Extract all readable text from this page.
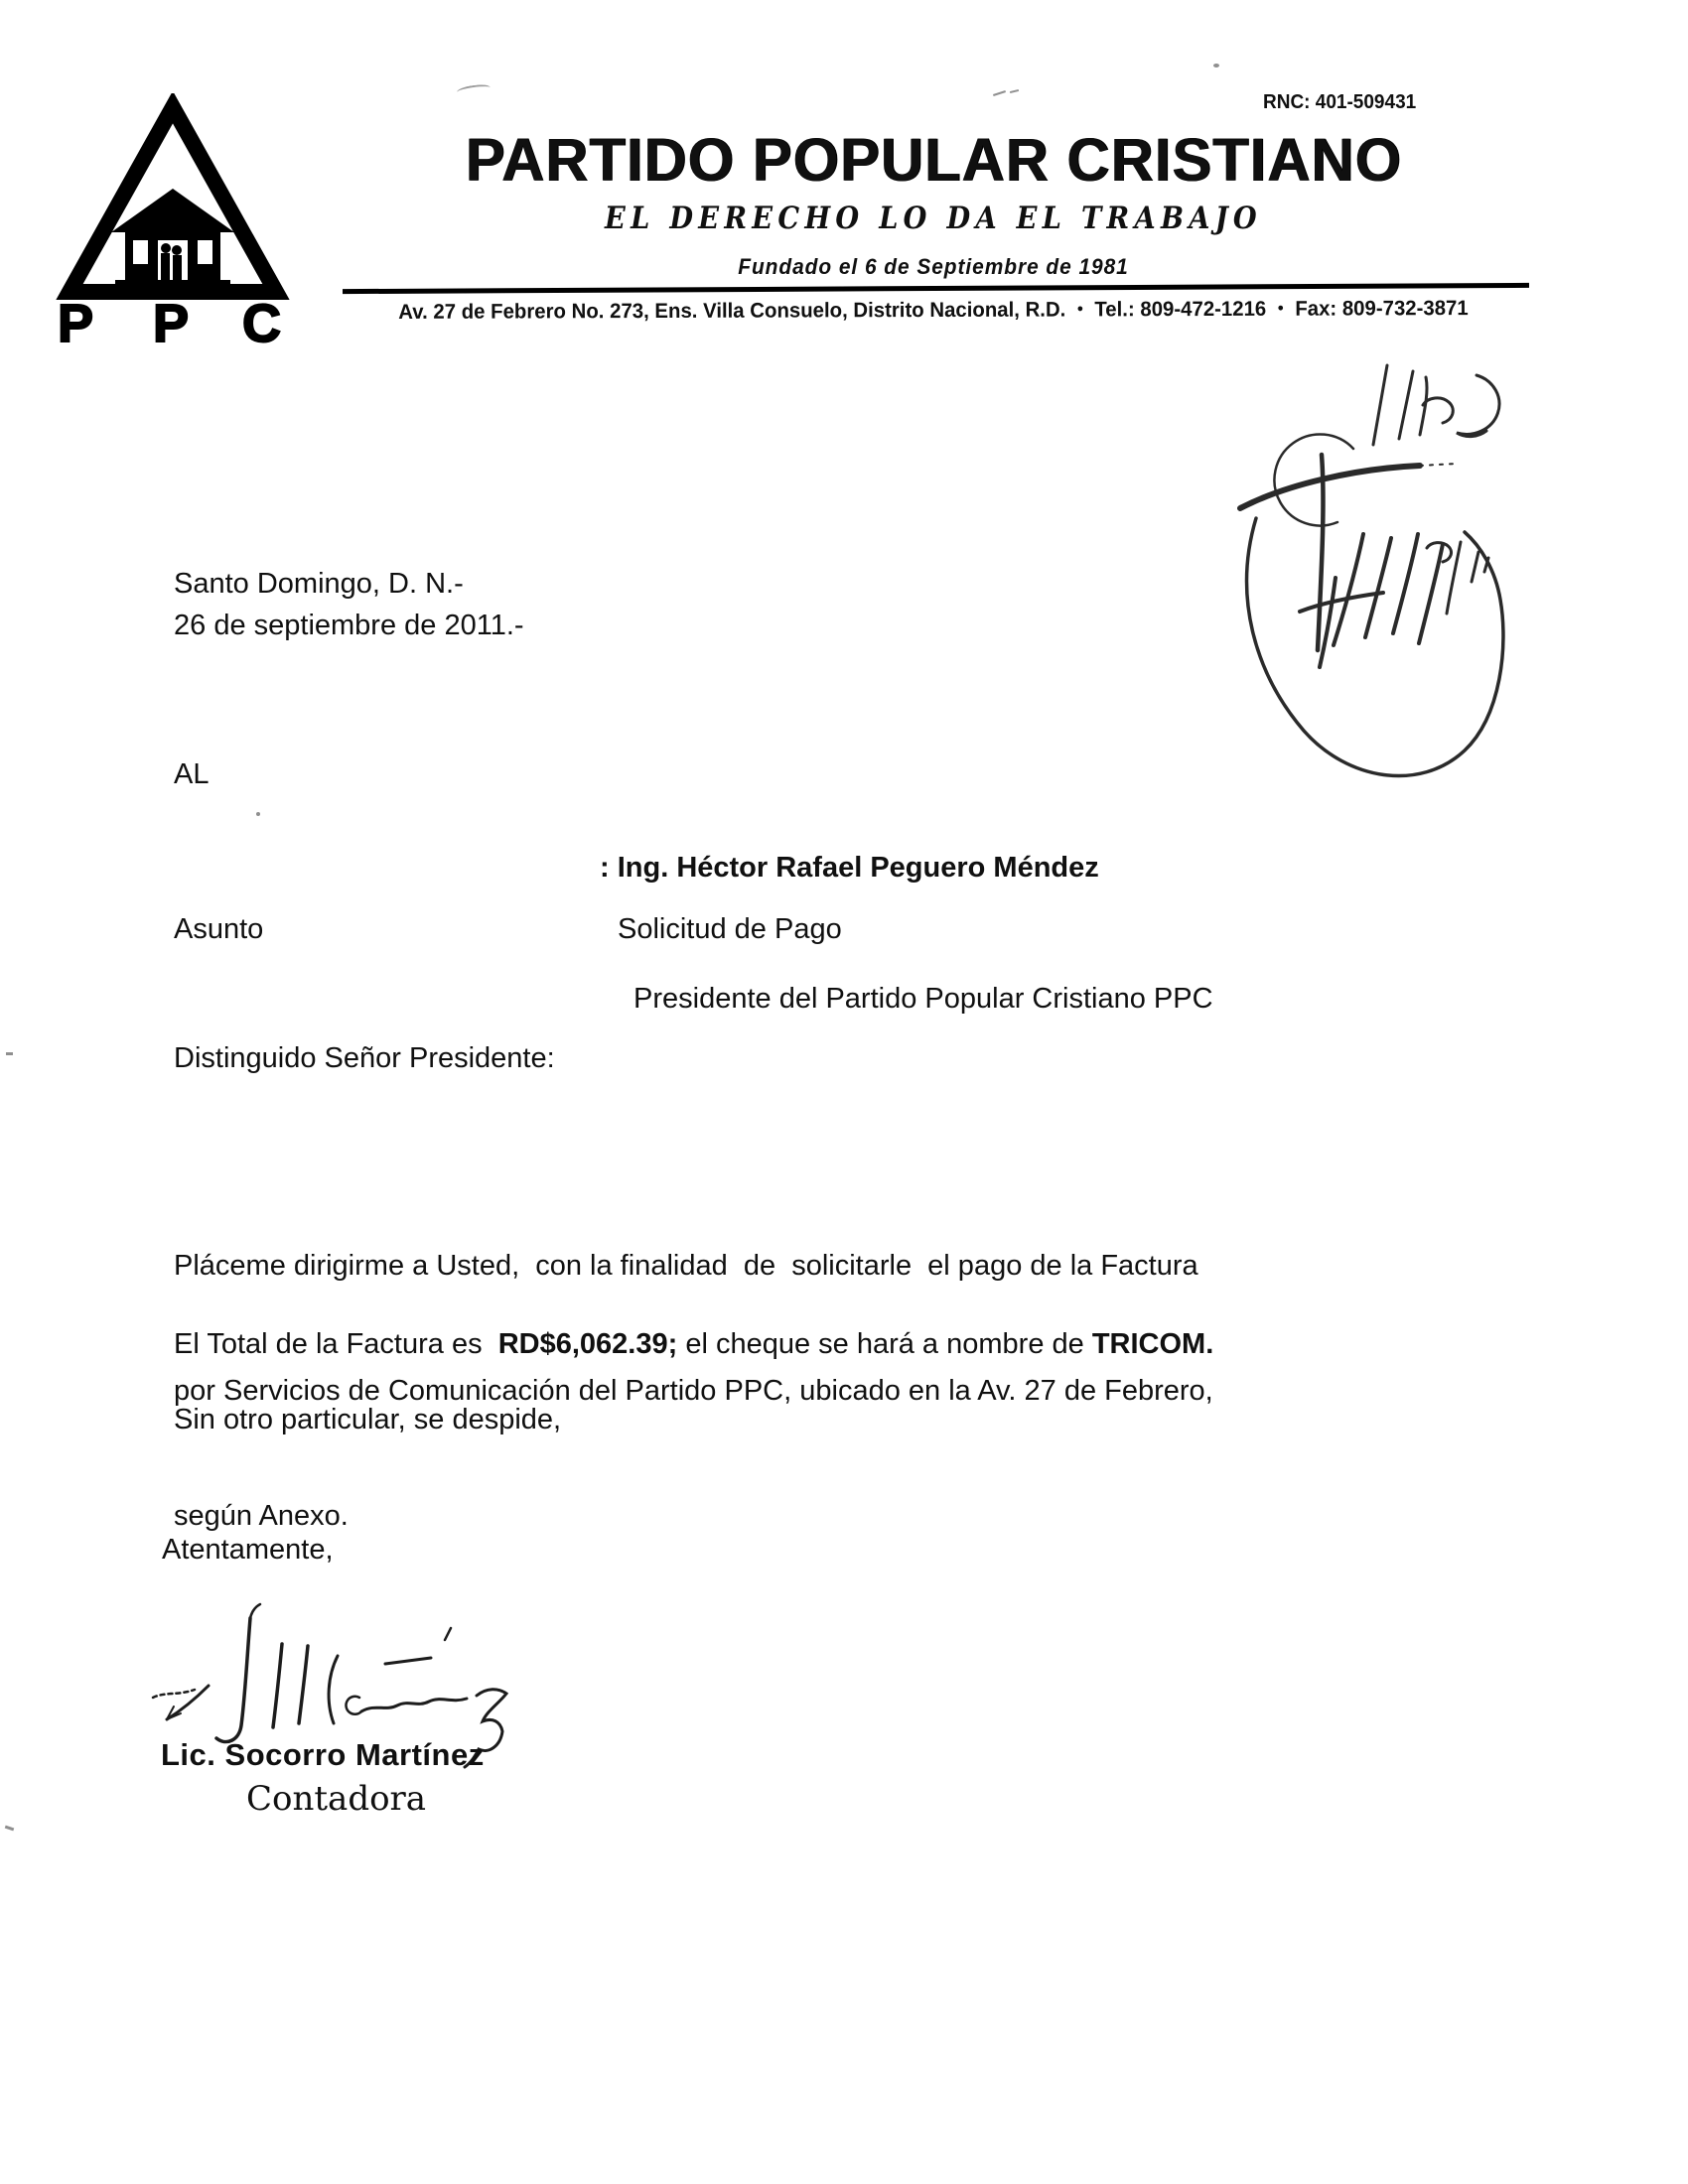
P P C
RNC: 401-509431
PARTIDO POPULAR CRISTIANO
EL DERECHO LO DA EL TRABAJO
Fundado el 6 de Septiembre de 1981
Av. 27 de Febrero No. 273, Ens. Villa Consuelo, Distrito Nacional, R.D. • Tel.: 809-472-1216 • Fax: 809-732-3871
Santo Domingo, D. N.-
26 de septiembre de 2011.-
AL

: Ing. Héctor Rafael Peguero Méndez

Presidente del Partido Popular Cristiano PPC

Asunto	Solicitud de Pago
Distinguido Señor Presidente:

Pláceme dirigirme a Usted,  con la finalidad  de  solicitarle  el pago de la Factura

por Servicios de Comunicación del Partido PPC, ubicado en la Av. 27 de Febrero,

según Anexo.

El Total de la Factura es  RD$6,062.39; el cheque se hará a nombre de TRICOM.
Sin otro particular, se despide,
Atentamente,
Lic. Socorro Martínez
Contadora
